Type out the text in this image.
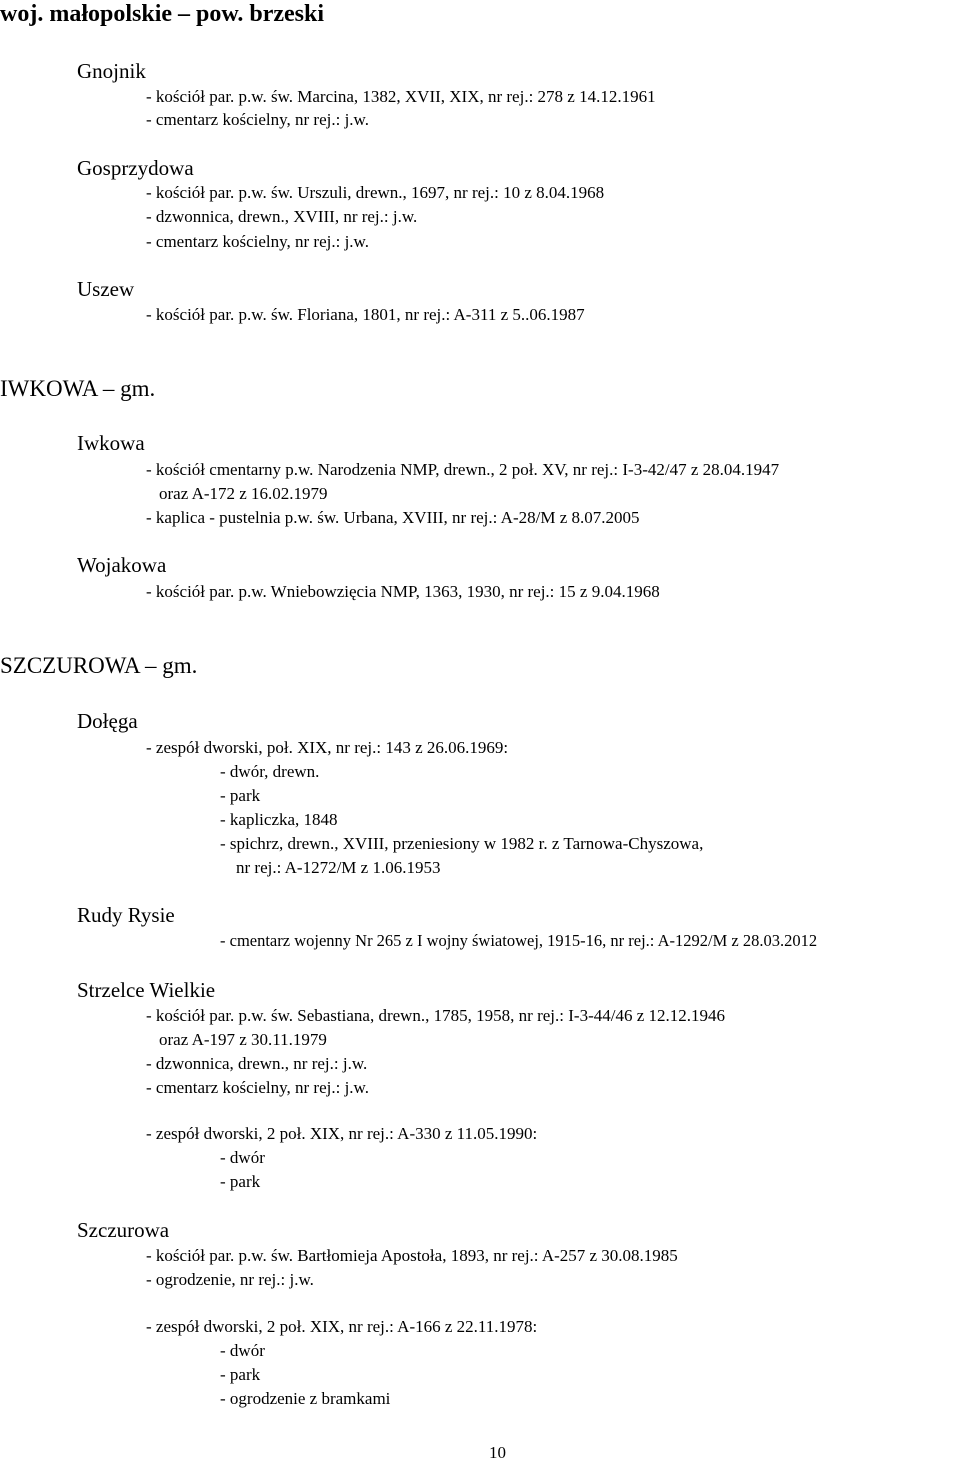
woj. małopolskie – pow. brzeski
Gnojnik
- kościół par. p.w. św. Marcina, 1382, XVII, XIX, nr rej.: 278 z 14.12.1961
- cmentarz kościelny, nr rej.: j.w.
Gosprzydowa
- kościół par. p.w. św. Urszuli, drewn., 1697, nr rej.: 10 z 8.04.1968
- dzwonnica, drewn., XVIII, nr rej.: j.w.
- cmentarz kościelny, nr rej.: j.w.
Uszew
- kościół par. p.w. św. Floriana, 1801, nr rej.: A-311 z 5..06.1987
IWKOWA – gm.
Iwkowa
- kościół cmentarny p.w. Narodzenia NMP, drewn., 2 poł. XV, nr rej.: I-3-42/47 z 28.04.1947
oraz A-172 z 16.02.1979
- kaplica - pustelnia p.w. św. Urbana, XVIII, nr rej.: A-28/M z 8.07.2005
Wojakowa
- kościół par. p.w. Wniebowzięcia NMP, 1363, 1930, nr rej.: 15 z 9.04.1968
SZCZUROWA – gm.
Dołęga
- zespół dworski, poł. XIX, nr rej.: 143 z 26.06.1969:
- dwór, drewn.
- park
- kapliczka, 1848
- spichrz, drewn., XVIII, przeniesiony w 1982 r. z Tarnowa-Chyszowa,
nr rej.: A-1272/M z 1.06.1953
Rudy Rysie
- cmentarz wojenny Nr 265 z I wojny światowej, 1915-16, nr rej.: A-1292/M z 28.03.2012
Strzelce Wielkie
- kościół par. p.w. św. Sebastiana, drewn., 1785, 1958, nr rej.: I-3-44/46 z 12.12.1946
oraz A-197 z 30.11.1979
- dzwonnica, drewn., nr rej.: j.w.
- cmentarz kościelny, nr rej.: j.w.
- zespół dworski, 2 poł. XIX, nr rej.: A-330 z 11.05.1990:
- dwór
- park
Szczurowa
- kościół par. p.w. św. Bartłomieja Apostoła, 1893, nr rej.: A-257 z 30.08.1985
- ogrodzenie, nr rej.: j.w.
- zespół dworski, 2 poł. XIX, nr rej.: A-166 z 22.11.1978:
- dwór
- park
- ogrodzenie z bramkami
10
